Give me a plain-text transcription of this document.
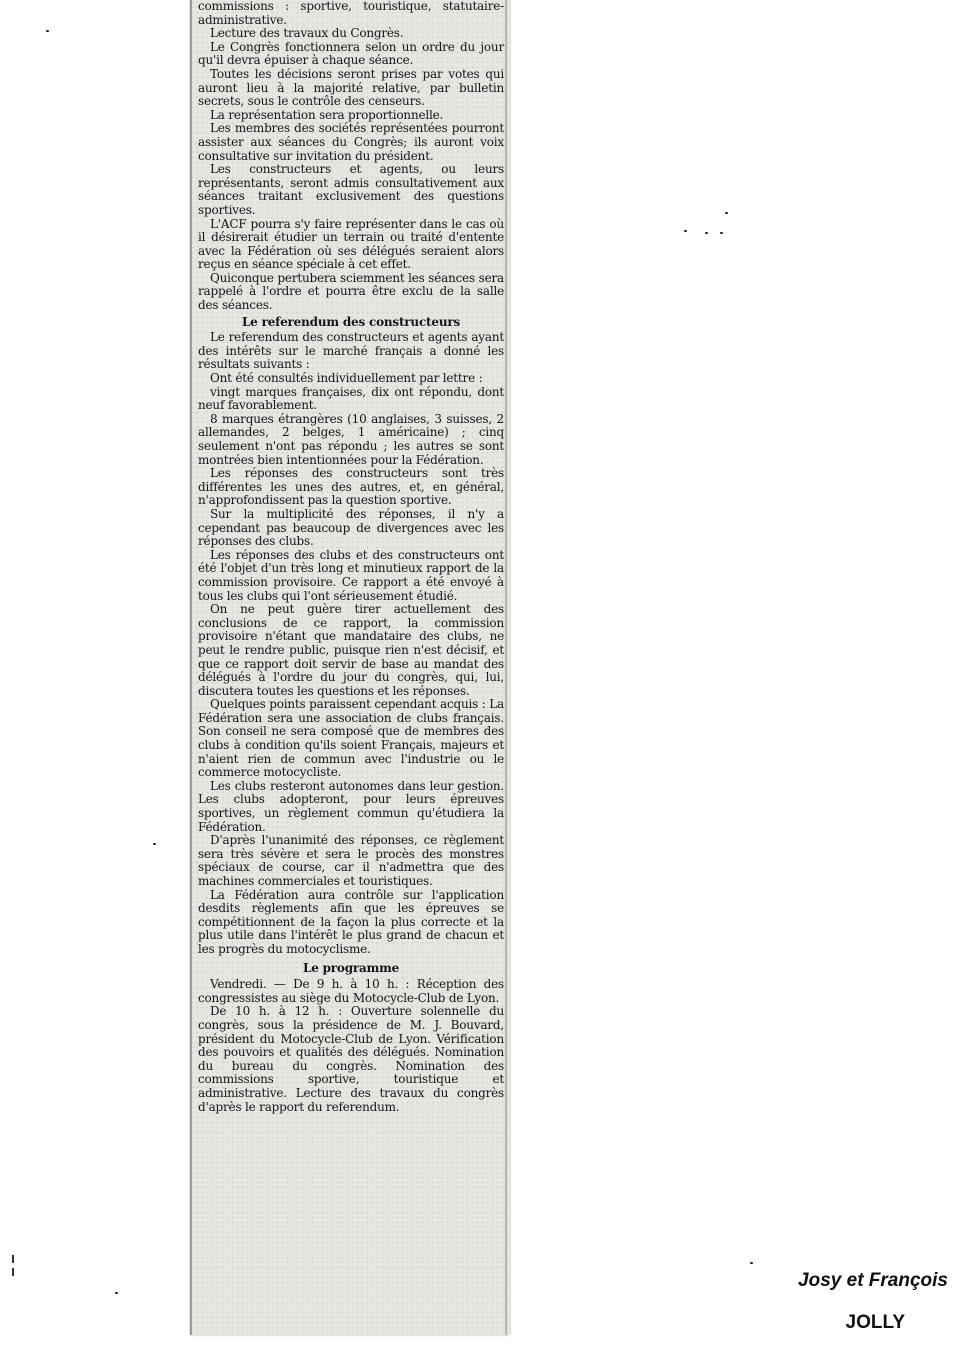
commissions : sportive, touristique, statutaire-administrative.

Lecture des travaux du Congrès.

Le Congrès fonctionnera selon un ordre du jour qu'il devra épuiser à chaque séance.

Toutes les décisions seront prises par votes qui auront lieu à la majorité relative, par bulletin secrets, sous le contrôle des censeurs.

La représentation sera proportionnelle.

Les membres des sociétés représentées pourront assister aux séances du Congrès; ils auront voix consultative sur invitation du président.

Les constructeurs et agents, ou leurs représentants, seront admis consultativement aux séances traitant exclusivement des questions sportives.

L'ACF pourra s'y faire représenter dans le cas où il désirerait étudier un terrain ou traité d'entente avec la Fédération où ses délégués seraient alors reçus en séance spéciale à cet effet.

Quiconque pertubera sciemment les séances sera rappelé à l'ordre et pourra être exclu de la salle des séances.

Le referendum des constructeurs

Le referendum des constructeurs et agents ayant des intérêts sur le marché français a donné les résultats suivants :

Ont été consultés individuellement par lettre :

vingt marques françaises, dix ont répondu, dont neuf favorablement.

8 marques étrangères (10 anglaises, 3 suisses, 2 allemandes, 2 belges, 1 américaine) ; cinq seulement n'ont pas répondu ; les autres se sont montrées bien intentionnées pour la Fédération.

Les réponses des constructeurs sont très différentes les unes des autres, et, en général, n'approfondissent pas la question sportive.

Sur la multiplicité des réponses, il n'y a cependant pas beaucoup de divergences avec les réponses des clubs.

Les réponses des clubs et des constructeurs ont été l'objet d'un très long et minutieux rapport de la commission provisoire. Ce rapport a été envoyé à tous les clubs qui l'ont sérieusement étudié.

On ne peut guère tirer actuellement des conclusions de ce rapport, la commission provisoire n'étant que mandataire des clubs, ne peut le rendre public, puisque rien n'est décisif, et que ce rapport doit servir de base au mandat des délégués à l'ordre du jour du congrès, qui, lui, discutera toutes les questions et les réponses.

Quelques points paraissent cependant acquis : La Fédération sera une association de clubs français. Son conseil ne sera composé que de membres des clubs à condition qu'ils soient Français, majeurs et n'aient rien de commun avec l'industrie ou le commerce motocycliste.

Les clubs resteront autonomes dans leur gestion. Les clubs adopteront, pour leurs épreuves sportives, un règlement commun qu'étudiera la Fédération.

D'après l'unanimité des réponses, ce règlement sera très sévère et sera le procès des monstres spéciaux de course, car il n'admettra que des machines commerciales et touristiques.

La Fédération aura contrôle sur l'application desdits règlements afin que les épreuves se compétitionnent de la façon la plus correcte et la plus utile dans l'intérêt le plus grand de chacun et les progrès du motocyclisme.

Le programme

Vendredi. — De 9 h. à 10 h. : Réception des congressistes au siège du Motocycle-Club de Lyon.

De 10 h. à 12 h. : Ouverture solennelle du congrès, sous la présidence de M. J. Bouvard, président du Motocycle-Club de Lyon. Vérification des pouvoirs et qualités des délégués. Nomination du bureau du congrès. Nomination des commissions sportive, touristique et administrative. Lecture des travaux du congrès d'après le rapport du referendum.

Josy et François
JOLLY
